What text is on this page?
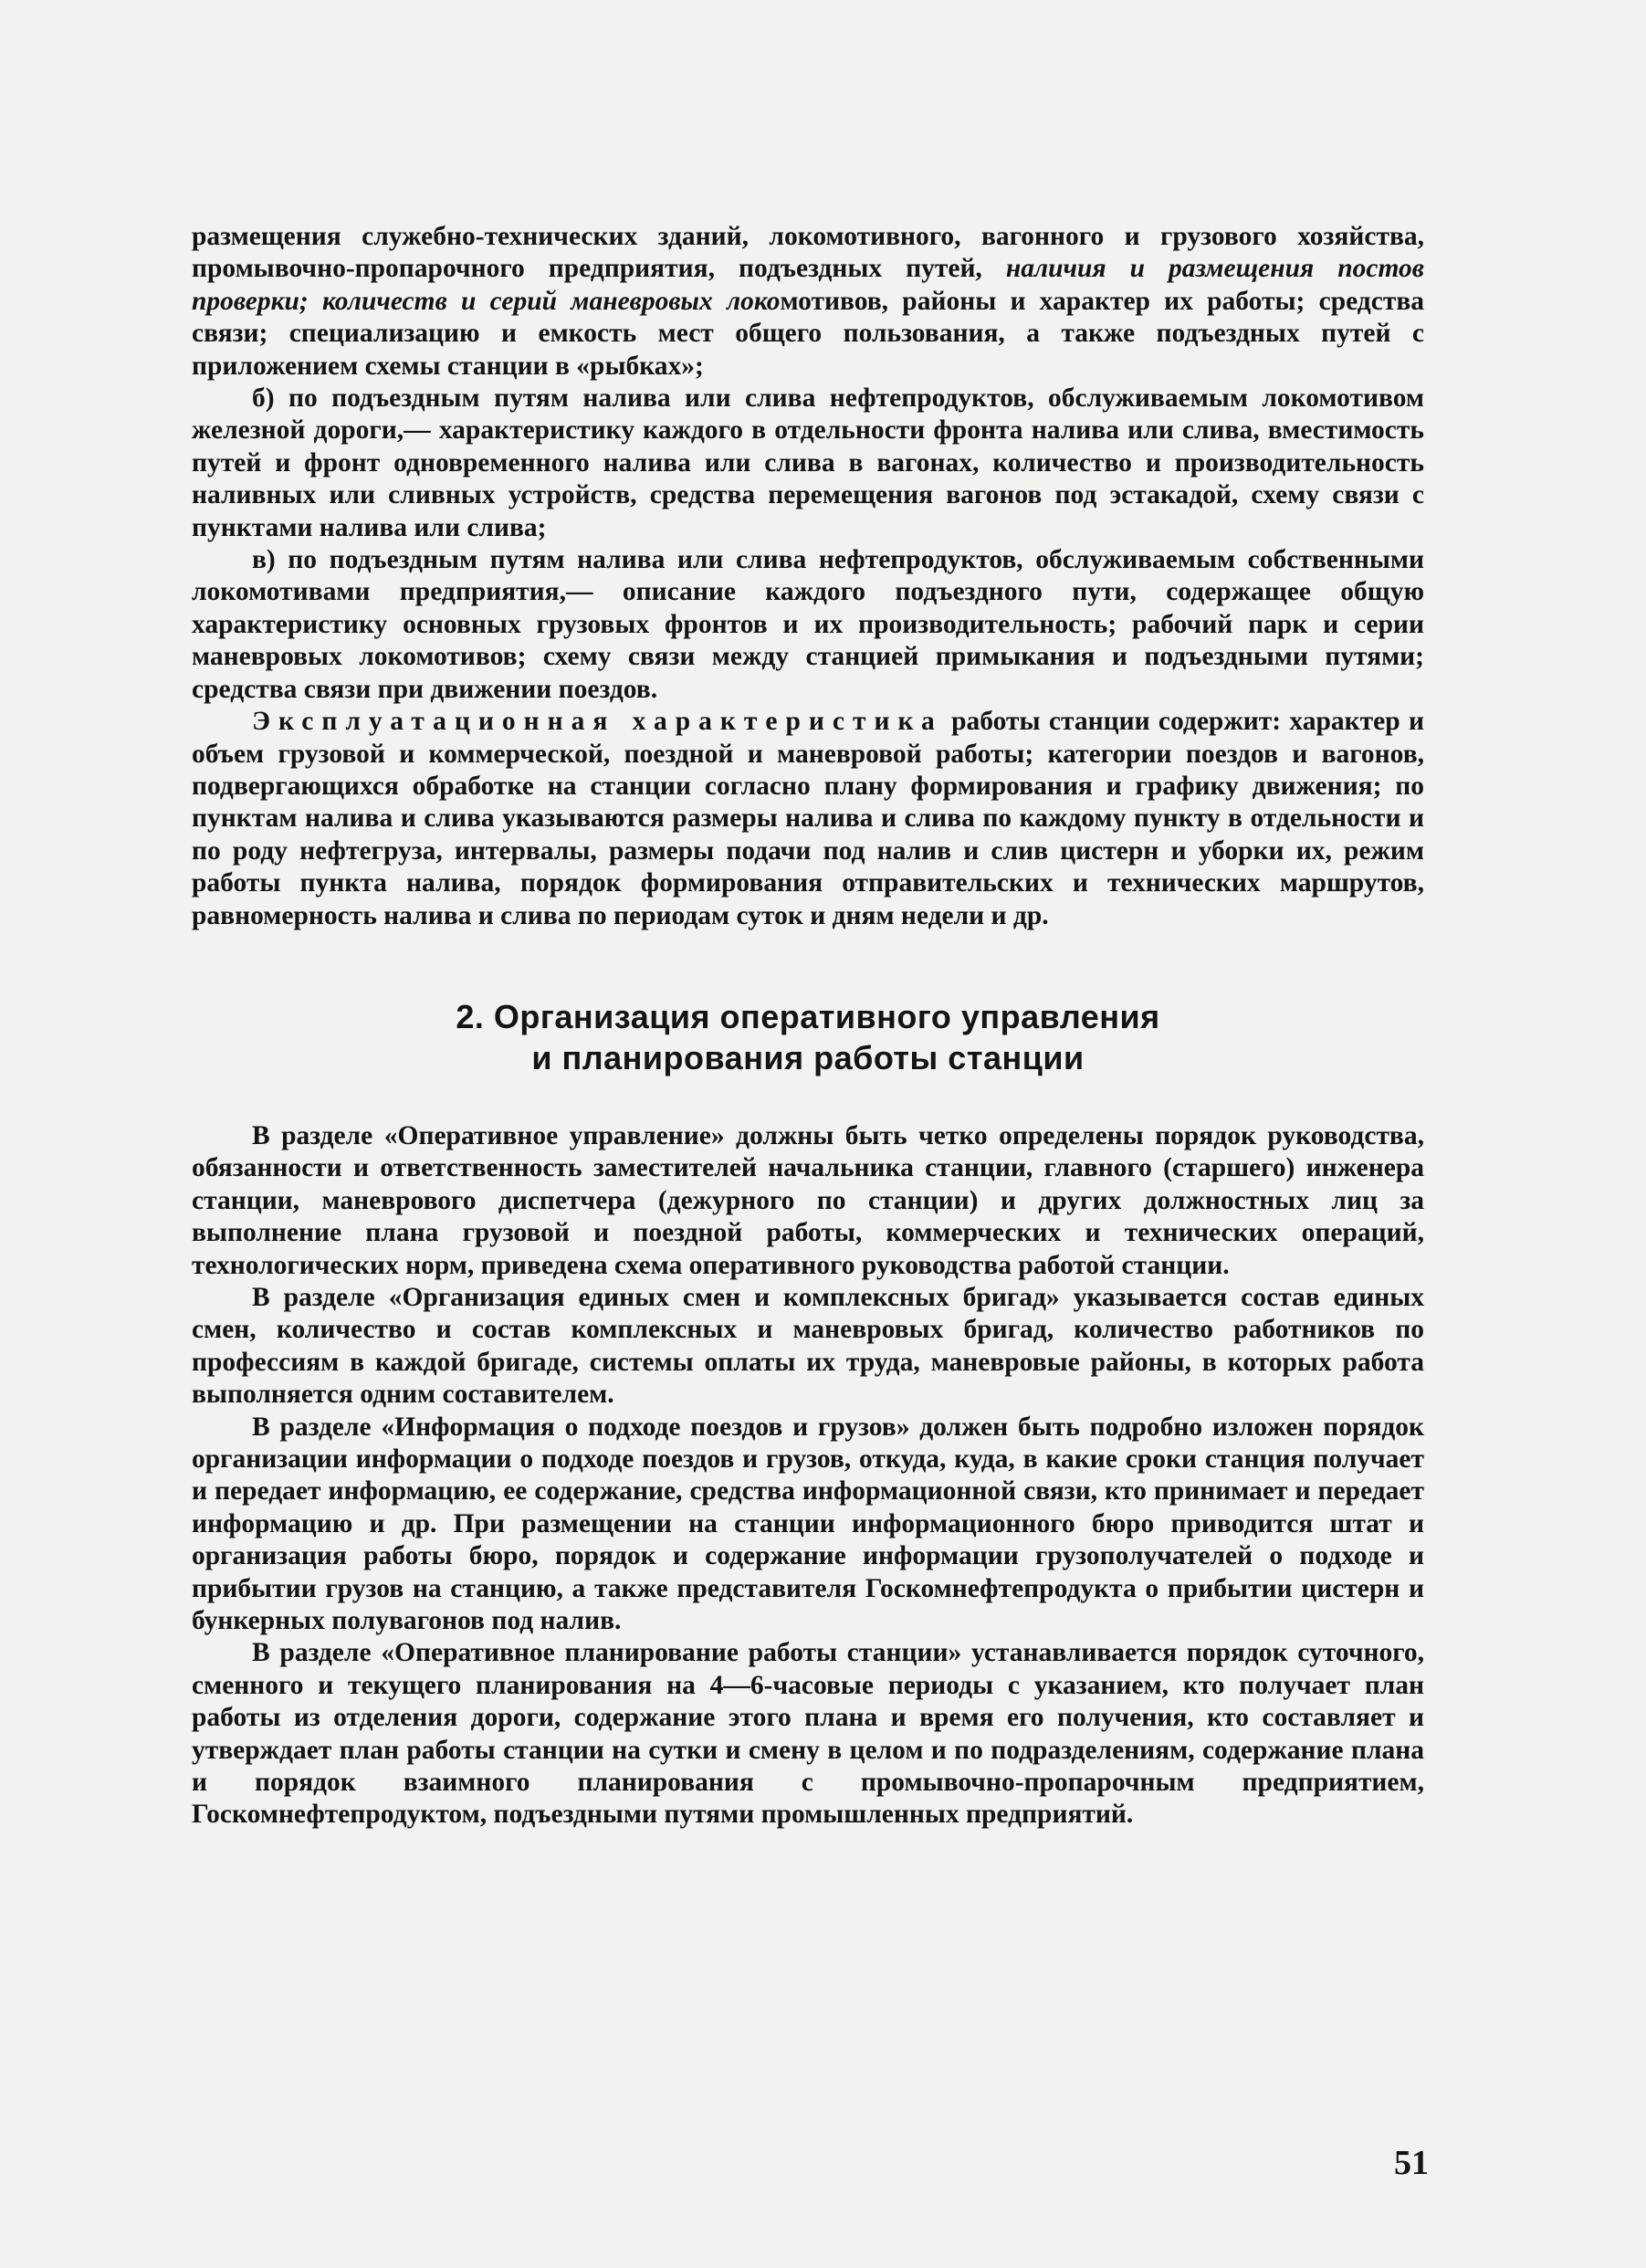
размещения служебно-технических зданий, локомотивного, вагонного и грузового хозяйства, промывочно-пропарочного предприятия, подъездных путей, наличия и размещения постов проверки; количеств и серий маневровых локомотивов, районы и характер их работы; средства связи; специализацию и емкость мест общего пользования, а также подъездных путей с приложением схемы станции в «рыбках»;

б) по подъездным путям налива или слива нефтепродуктов, обслуживаемым локомотивом железной дороги,— характеристику каждого в отдельности фронта налива или слива, вместимость путей и фронт одновременного налива или слива в вагонах, количество и производительность наливных или сливных устройств, средства перемещения вагонов под эстакадой, схему связи с пунктами налива или слива;

в) по подъездным путям налива или слива нефтепродуктов, обслуживаемым собственными локомотивами предприятия,— описание каждого подъездного пути, содержащее общую характеристику основных грузовых фронтов и их производительность; рабочий парк и серии маневровых локомотивов; схему связи между станцией примыкания и подъездными путями; средства связи при движении поездов.

Эксплуатационная характеристика работы станции содержит: характер и объем грузовой и коммерческой, поездной и маневровой работы; категории поездов и вагонов, подвергающихся обработке на станции согласно плану формирования и графику движения; по пунктам налива и слива указываются размеры налива и слива по каждому пункту в отдельности и по роду нефтегруза, интервалы, размеры подачи под налив и слив цистерн и уборки их, режим работы пункта налива, порядок формирования отправительских и технических маршрутов, равномерность налива и слива по периодам суток и дням недели и др.

2. Организация оперативного управления
и планирования работы станции

В разделе «Оперативное управление» должны быть четко определены порядок руководства, обязанности и ответственность заместителей начальника станции, главного (старшего) инженера станции, маневрового диспетчера (дежурного по станции) и других должностных лиц за выполнение плана грузовой и поездной работы, коммерческих и технических операций, технологических норм, приведена схема оперативного руководства работой станции.

В разделе «Организация единых смен и комплексных бригад» указывается состав единых смен, количество и состав комплексных и маневровых бригад, количество работников по профессиям в каждой бригаде, системы оплаты их труда, маневровые районы, в которых работа выполняется одним составителем.

В разделе «Информация о подходе поездов и грузов» должен быть подробно изложен порядок организации информации о подходе поездов и грузов, откуда, куда, в какие сроки станция получает и передает информацию, ее содержание, средства информационной связи, кто принимает и передает информацию и др. При размещении на станции информационного бюро приводится штат и организация работы бюро, порядок и содержание информации грузополучателей о подходе и прибытии грузов на станцию, а также представителя Госкомнефтепродукта о прибытии цистерн и бункерных полувагонов под налив.

В разделе «Оперативное планирование работы станции» устанавливается порядок суточного, сменного и текущего планирования на 4—6-часовые периоды с указанием, кто получает план работы из отделения дороги, содержание этого плана и время его получения, кто составляет и утверждает план работы станции на сутки и смену в целом и по подразделениям, содержание плана и порядок взаимного планирования с промывочно-пропарочным предприятием, Госкомнефтепродуктом, подъездными путями промышленных предприятий.

51
